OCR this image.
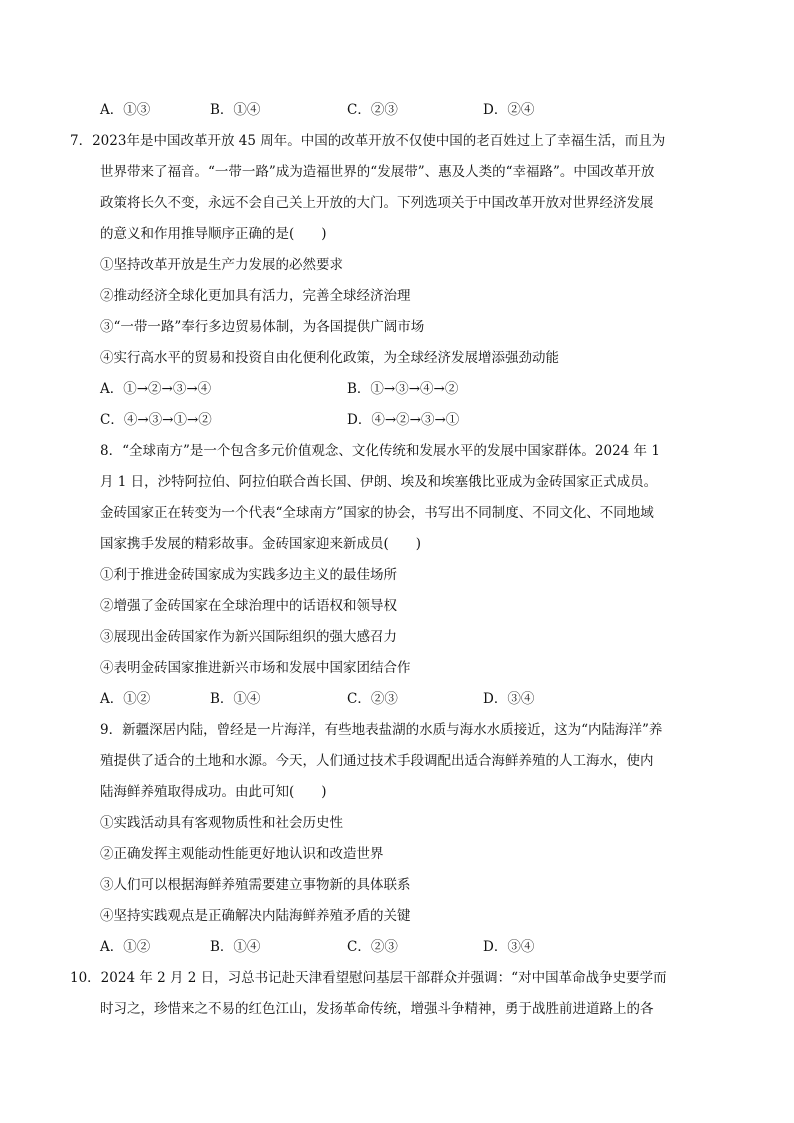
A．①③	B．①④	C．②③	D．②④
7．2023年是中国改革开放 45 周年。中国的改革开放不仅使中国的老百姓过上了幸福生活，而且为
世界带来了福音。“一带一路”成为造福世界的“发展带”、惠及人类的“幸福路”。中国改革开放
政策将长久不变，永远不会自己关上开放的大门。下列选项关于中国改革开放对世界经济发展
的意义和作用推导顺序正确的是(　　)
①坚持改革开放是生产力发展的必然要求
②推动经济全球化更加具有活力，完善全球经济治理
③“一带一路”奉行多边贸易体制，为各国提供广阔市场
④实行高水平的贸易和投资自由化便利化政策，为全球经济发展增添强劲动能
A．①→②→③→④	B．①→③→④→②
C．④→③→①→②	D．④→②→③→①
8．“全球南方”是一个包含多元价值观念、文化传统和发展水平的发展中国家群体。2024 年 1
月 1 日，沙特阿拉伯、阿拉伯联合酋长国、伊朗、埃及和埃塞俄比亚成为金砖国家正式成员。
金砖国家正在转变为一个代表“全球南方”国家的协会，书写出不同制度、不同文化、不同地域
国家携手发展的精彩故事。金砖国家迎来新成员(　　)
①利于推进金砖国家成为实践多边主义的最佳场所
②增强了金砖国家在全球治理中的话语权和领导权
③展现出金砖国家作为新兴国际组织的强大感召力
④表明金砖国家推进新兴市场和发展中国家团结合作
A．①②	B．①④	C．②③	D．③④
9．新疆深居内陆，曾经是一片海洋，有些地表盐湖的水质与海水水质接近，这为“内陆海洋”养
殖提供了适合的土地和水源。今天，人们通过技术手段调配出适合海鲜养殖的人工海水，使内
陆海鲜养殖取得成功。由此可知(　　)
①实践活动具有客观物质性和社会历史性
②正确发挥主观能动性能更好地认识和改造世界
③人们可以根据海鲜养殖需要建立事物新的具体联系
④坚持实践观点是正确解决内陆海鲜养殖矛盾的关键
A．①②	B．①④	C．②③	D．③④
10．2024 年 2 月 2 日，习总书记赴天津看望慰问基层干部群众并强调：“对中国革命战争史要学而
时习之，珍惜来之不易的红色江山，发扬革命传统，增强斗争精神，勇于战胜前进道路上的各
